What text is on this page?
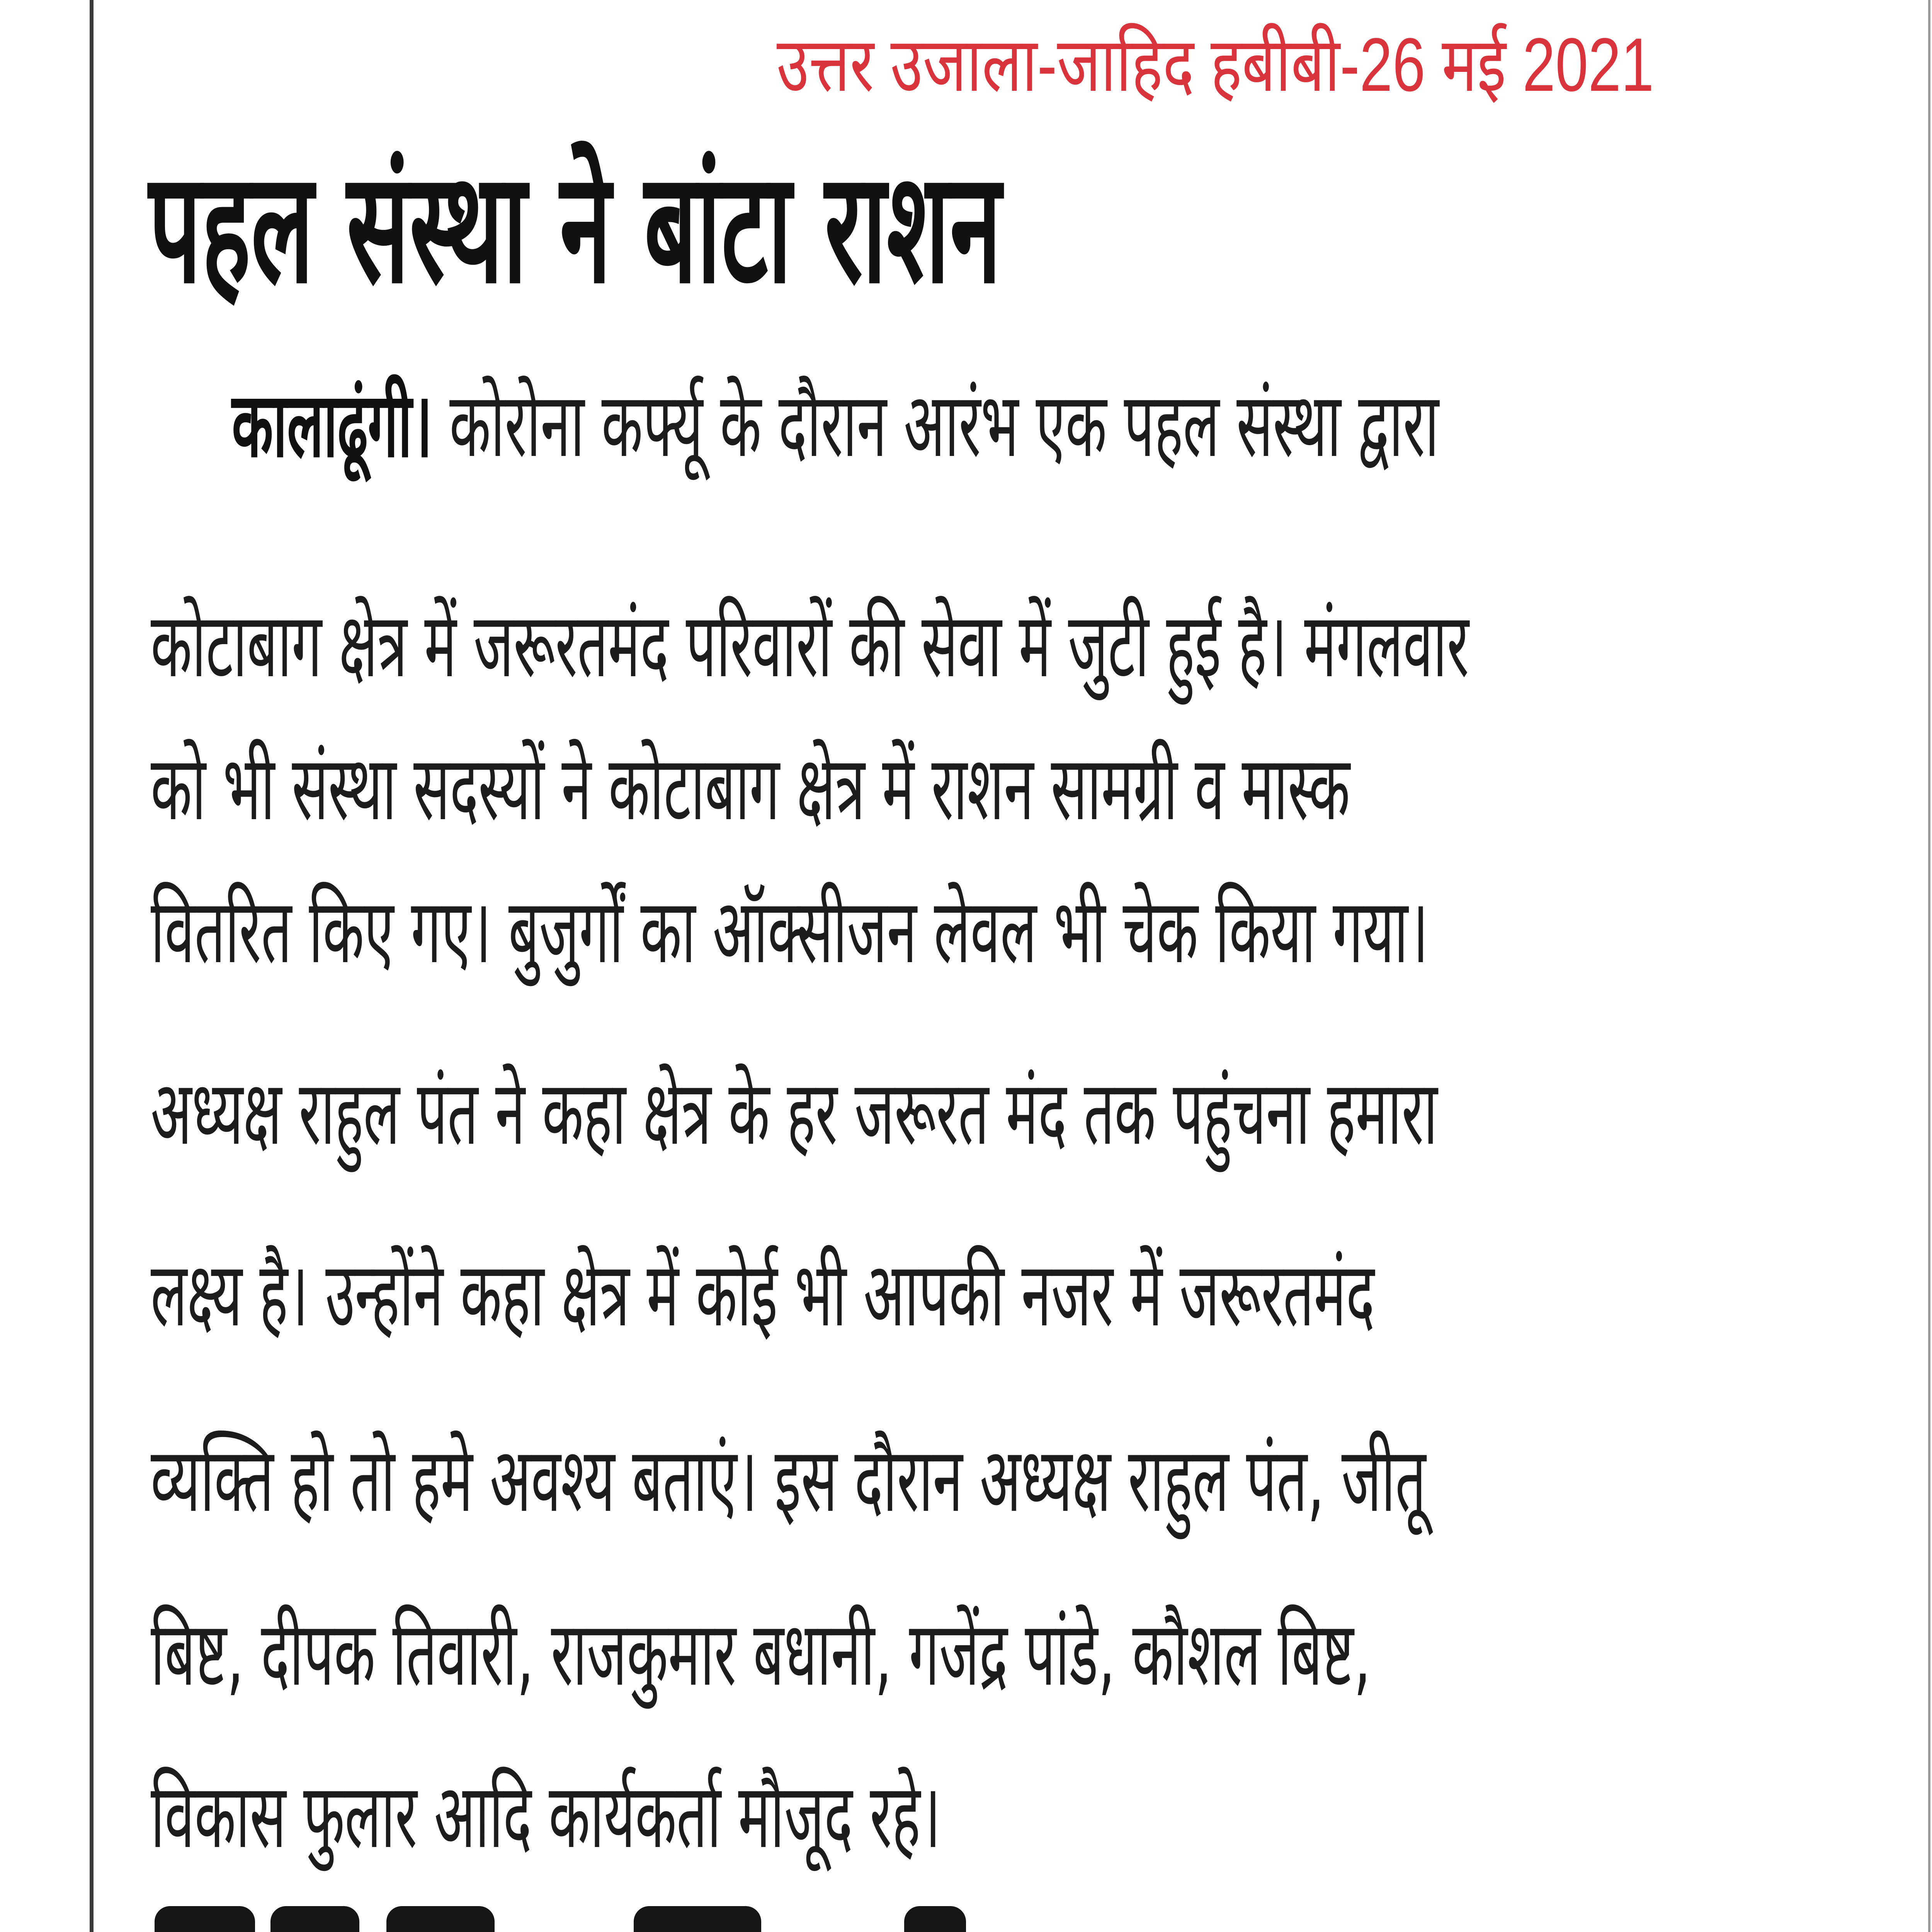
उत्तर उजाला-जाहिद हबीबी-26 मई 2021
पहल संस्था ने बांटा राशन
कालाढूंगी। कोरोना कर्फ्यू के दौरान आरंभ एक पहल संस्था द्वारा
कोटाबाग क्षेत्र में जरूरतमंद परिवारों की सेवा में जुटी हुई है। मंगलवार
को भी संस्था सदस्यों ने कोटाबाग क्षेत्र में राशन सामग्री व मास्क
वितरित किए गए। बुजुर्गों का ऑक्सीजन लेवल भी चेक किया गया।
अध्यक्ष राहुल पंत ने कहा क्षेत्र के हर जरूरत मंद तक पहुंचना हमारा
लक्ष्य है। उन्होंने कहा क्षेत्र में कोई भी आपकी नजर में जरूरतमंद
व्यक्ति हो तो हमे अवश्य बताएं। इस दौरान अध्यक्ष राहुल पंत, जीतू
बिष्ट, दीपक तिवारी, राजकुमार बधानी, गजेंद्र पांडे, कौशल बिष्ट,
विकास फुलार आदि कार्यकर्ता मौजूद रहे।
